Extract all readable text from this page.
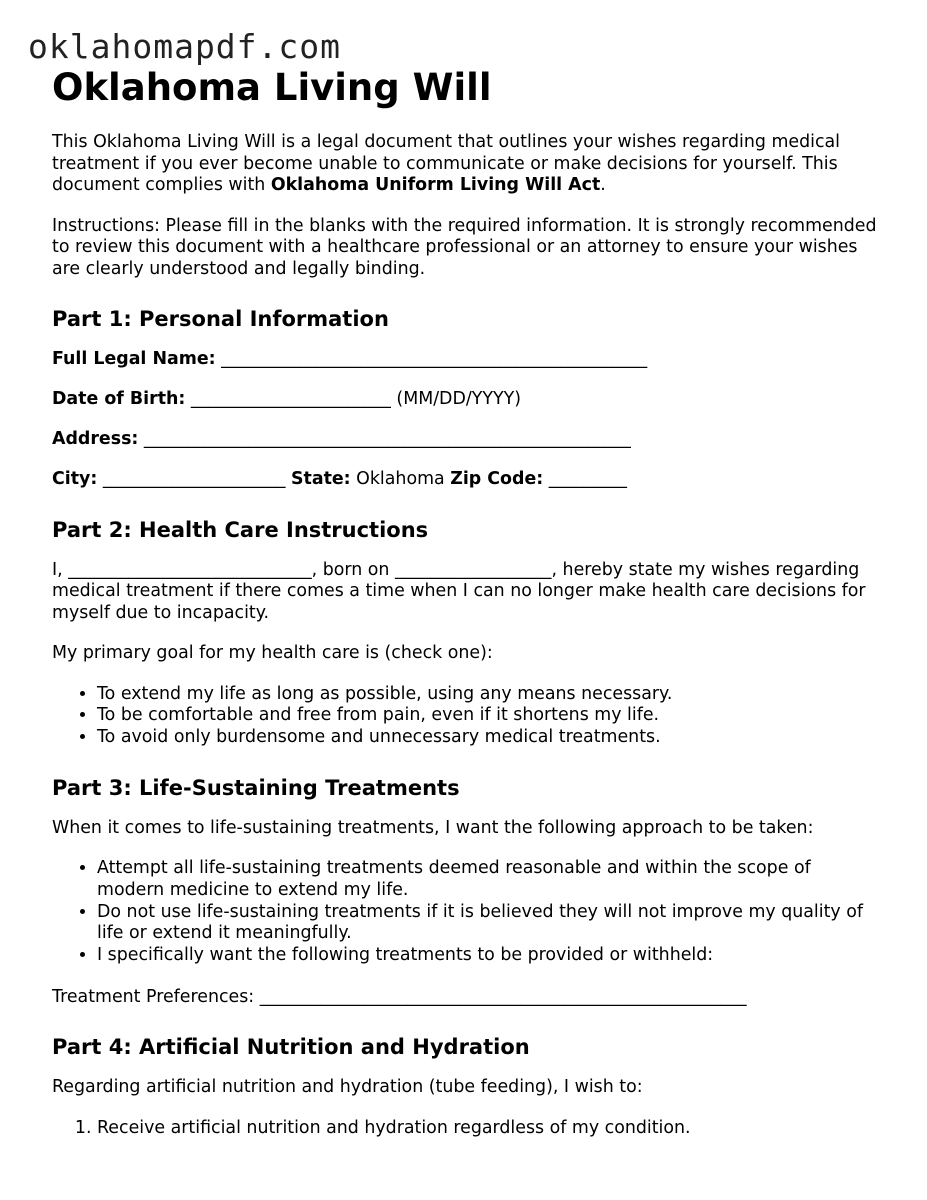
oklahomapdf.com
Oklahoma Living Will

This Oklahoma Living Will is a legal document that outlines your wishes regarding medical treatment if you ever become unable to communicate or make decisions for yourself. This document complies with Oklahoma Uniform Living Will Act.

Instructions: Please fill in the blanks with the required information. It is strongly recommended to review this document with a healthcare professional or an attorney to ensure your wishes are clearly understood and legally binding.

Part 1: Personal Information
Full Legal Name: _________________________________________________
Date of Birth: _______________________ (MM/DD/YYYY)
Address: ________________________________________________________
City: _____________________ State: Oklahoma Zip Code: _________
Part 2: Health Care Instructions

I, ____________________________, born on __________________, hereby state my wishes regarding medical treatment if there comes a time when I can no longer make health care decisions for myself due to incapacity.

My primary goal for my health care is (check one):

• To extend my life as long as possible, using any means necessary.
• To be comfortable and free from pain, even if it shortens my life.
• To avoid only burdensome and unnecessary medical treatments.
Part 3: Life-Sustaining Treatments

When it comes to life-sustaining treatments, I want the following approach to be taken:

• Attempt all life-sustaining treatments deemed reasonable and within the scope of modern medicine to extend my life.
• Do not use life-sustaining treatments if it is believed they will not improve my quality of life or extend it meaningfully.
• I specifically want the following treatments to be provided or withheld:

Treatment Preferences: ________________________________________________________

Part 4: Artificial Nutrition and Hydration

Regarding artificial nutrition and hydration (tube feeding), I wish to:

1. Receive artificial nutrition and hydration regardless of my condition.
